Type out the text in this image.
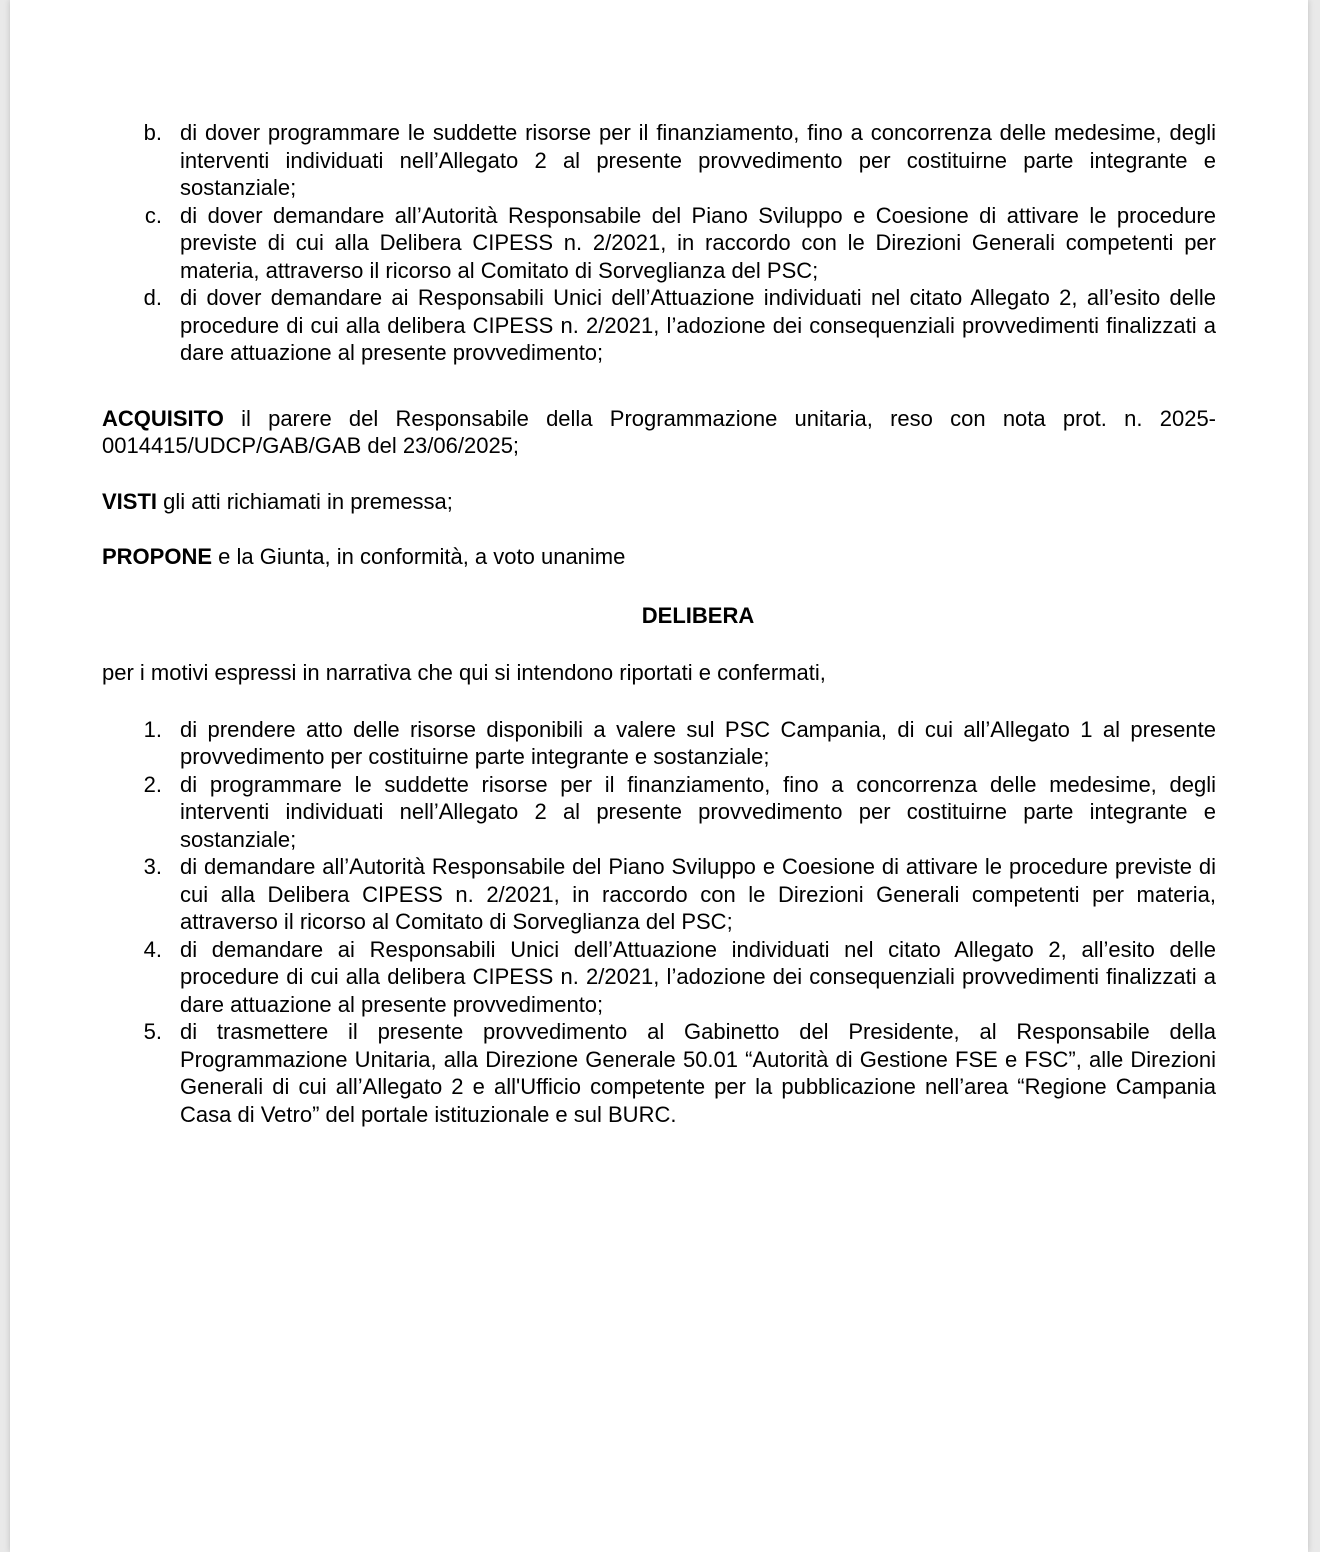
b. di dover programmare le suddette risorse per il finanziamento, fino a concorrenza delle medesime, degli interventi individuati nell’Allegato 2 al presente provvedimento per costituirne parte integrante e sostanziale;
c. di dover demandare all’Autorità Responsabile del Piano Sviluppo e Coesione di attivare le procedure previste di cui alla Delibera CIPESS n. 2/2021, in raccordo con le Direzioni Generali competenti per materia, attraverso il ricorso al Comitato di Sorveglianza del PSC;
d. di dover demandare ai Responsabili Unici dell’Attuazione individuati nel citato Allegato 2, all’esito delle procedure di cui alla delibera CIPESS n. 2/2021, l’adozione dei consequenziali provvedimenti finalizzati a dare attuazione al presente provvedimento;
ACQUISITO il parere del Responsabile della Programmazione unitaria, reso con nota prot. n. 2025-0014415/UDCP/GAB/GAB del 23/06/2025;
VISTI gli atti richiamati in premessa;
PROPONE e la Giunta, in conformità, a voto unanime
DELIBERA
per i motivi espressi in narrativa che qui si intendono riportati e confermati,
1. di prendere atto delle risorse disponibili a valere sul PSC Campania, di cui all’Allegato 1 al presente provvedimento per costituirne parte integrante e sostanziale;
2. di programmare le suddette risorse per il finanziamento, fino a concorrenza delle medesime, degli interventi individuati nell’Allegato 2 al presente provvedimento per costituirne parte integrante e sostanziale;
3. di demandare all’Autorità Responsabile del Piano Sviluppo e Coesione di attivare le procedure previste di cui alla Delibera CIPESS n. 2/2021, in raccordo con le Direzioni Generali competenti per materia, attraverso il ricorso al Comitato di Sorveglianza del PSC;
4. di demandare ai Responsabili Unici dell’Attuazione individuati nel citato Allegato 2, all’esito delle procedure di cui alla delibera CIPESS n. 2/2021, l’adozione dei consequenziali provvedimenti finalizzati a dare attuazione al presente provvedimento;
5. di trasmettere il presente provvedimento al Gabinetto del Presidente, al Responsabile della Programmazione Unitaria, alla Direzione Generale 50.01 “Autorità di Gestione FSE e FSC”, alle Direzioni Generali di cui all’Allegato 2 e all'Ufficio competente per la pubblicazione nell’area “Regione Campania Casa di Vetro” del portale istituzionale e sul BURC.
